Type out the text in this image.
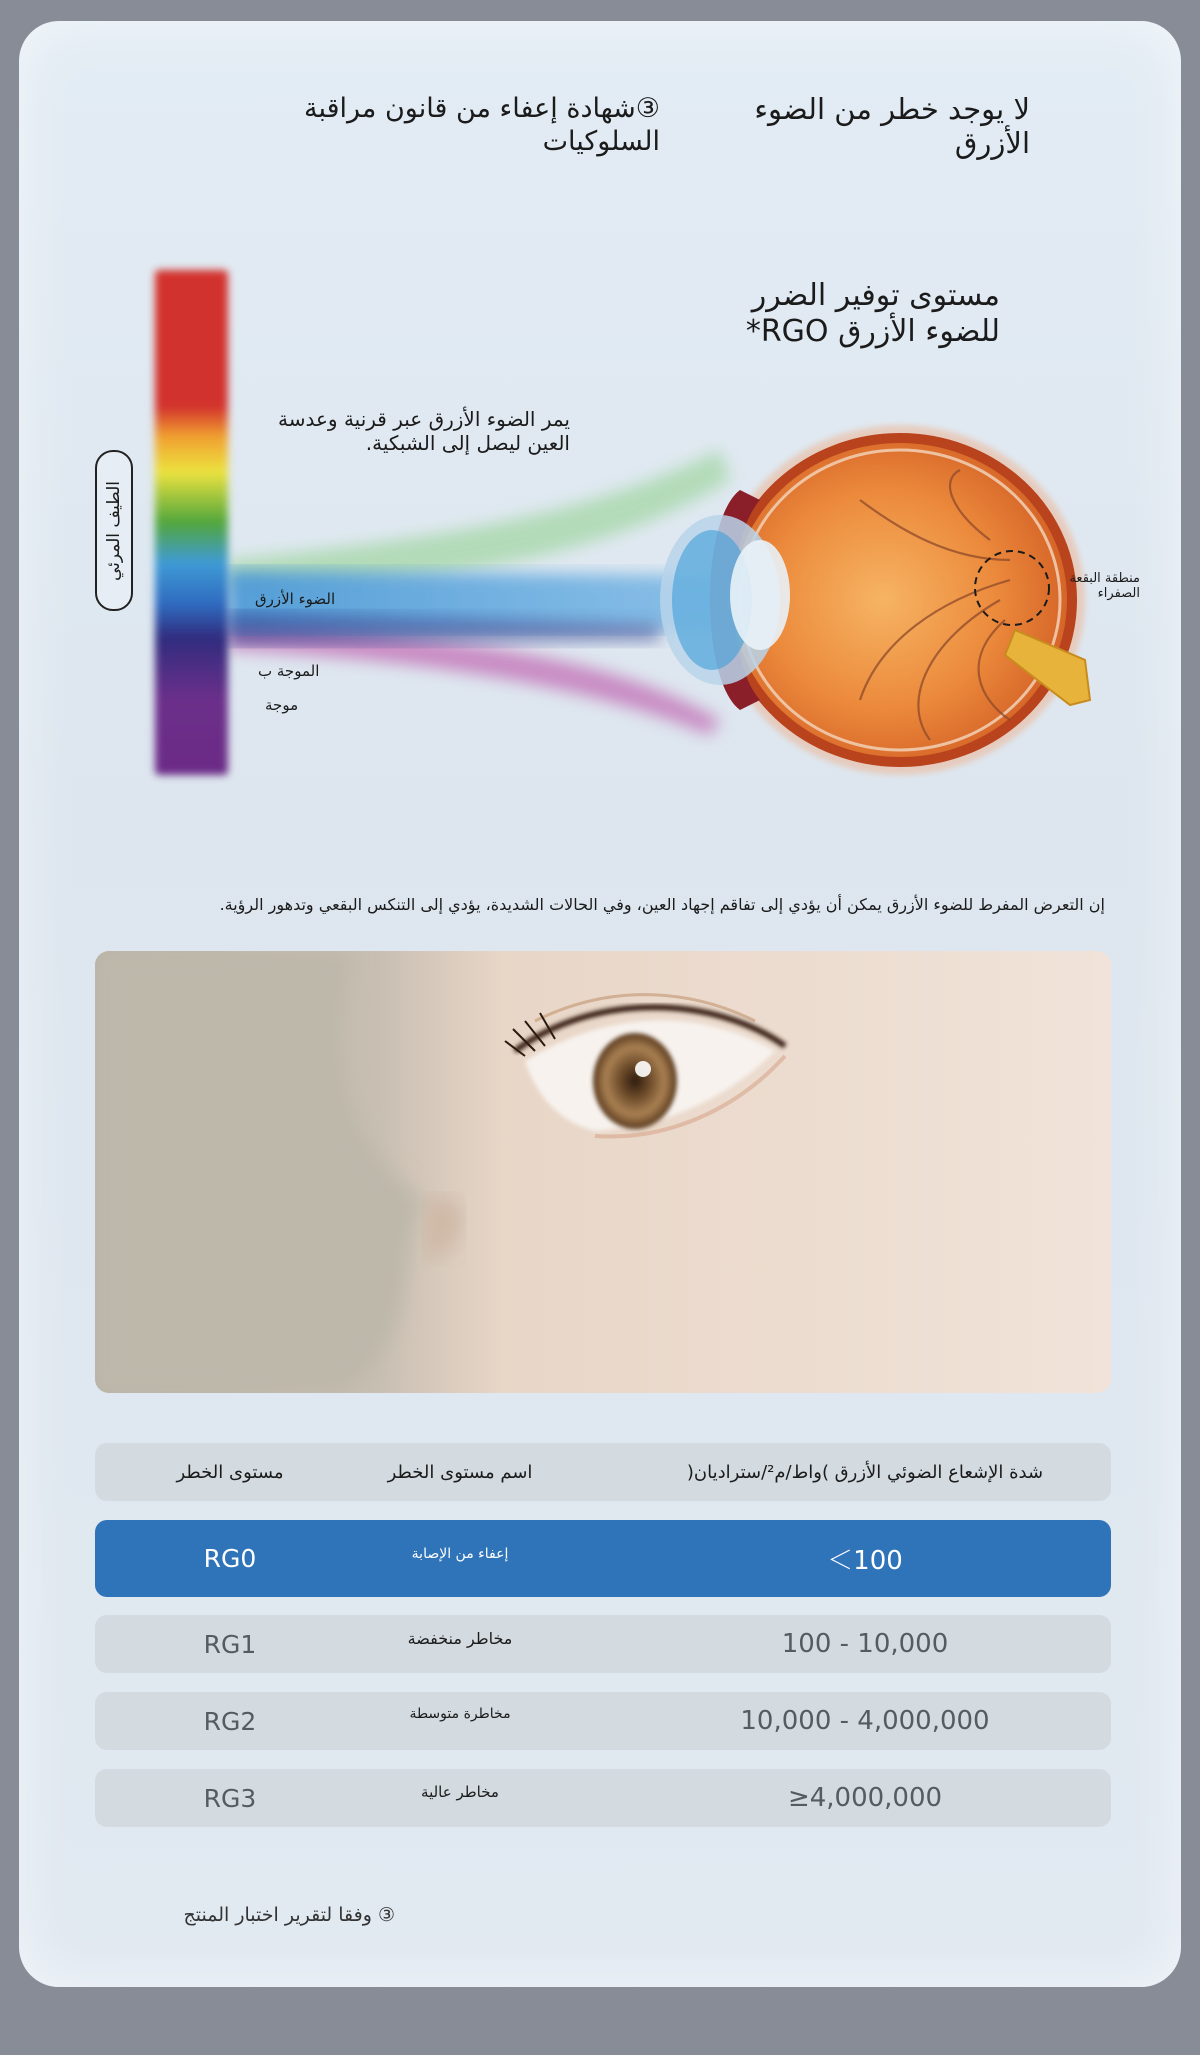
لا يوجد خطر من الضوء الأزرق
③شهادة إعفاء من قانون مراقبة السلوكيات
مستوى توفير الضرر للضوء الأزرق RGO*
يمر الضوء الأزرق عبر قرنية وعدسة العين ليصل إلى الشبكية.
الطيف المرئي
الضوء الأزرق
الموجة ب
موجة
منطقة البقعة الصفراء
إن التعرض المفرط للضوء الأزرق يمكن أن يؤدي إلى تفاقم إجهاد العين، وفي الحالات الشديدة، يؤدي إلى التنكس البقعي وتدهور الرؤية.
مستوى الخطر	اسم مستوى الخطر	شدة الإشعاع الضوئي الأزرق )واط/م²/ستراديان(
RG0	إعفاء من الإصابة	＜100
RG1	مخاطر منخفضة	100 - 10,000
RG2	مخاطرة متوسطة	10,000 - 4,000,000
RG3	مخاطر عالية	≥4,000,000
③ وفقا لتقرير اختبار المنتج
